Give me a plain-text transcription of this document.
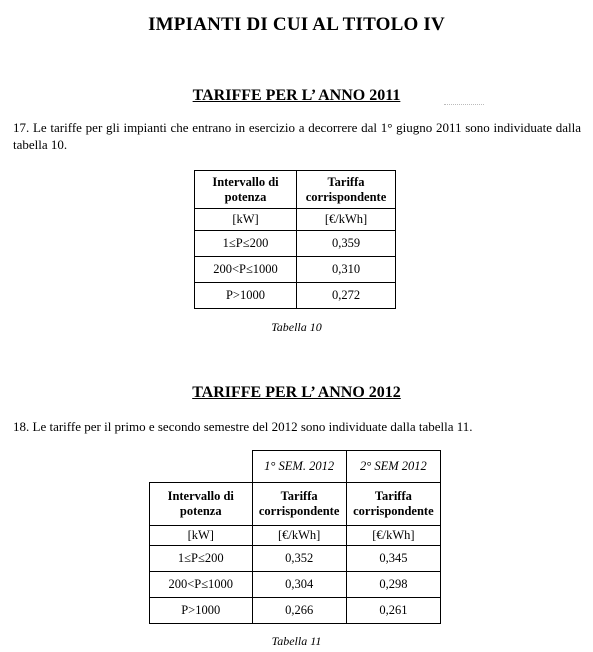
IMPIANTI DI CUI AL TITOLO IV
TARIFFE PER L’ ANNO 2011
17. Le tariffe per gli impianti che entrano in esercizio a decorrere dal 1° giugno 2011 sono individuate dalla tabella 10.
Intervallo di potenza	Tariffa corrispondente
[kW]	[€/kWh]
1≤P≤200	0,359
200<P≤1000	0,310
P>1000	0,272
Tabella 10
TARIFFE PER L’ ANNO 2012
18. Le tariffe per il primo e secondo semestre del 2012 sono individuate dalla tabella 11.
	1° SEM. 2012	2° SEM 2012
Intervallo di potenza	Tariffa corrispondente	Tariffa corrispondente
[kW]	[€/kWh]	[€/kWh]
1≤P≤200	0,352	0,345
200<P≤1000	0,304	0,298
P>1000	0,266	0,261
Tabella 11
